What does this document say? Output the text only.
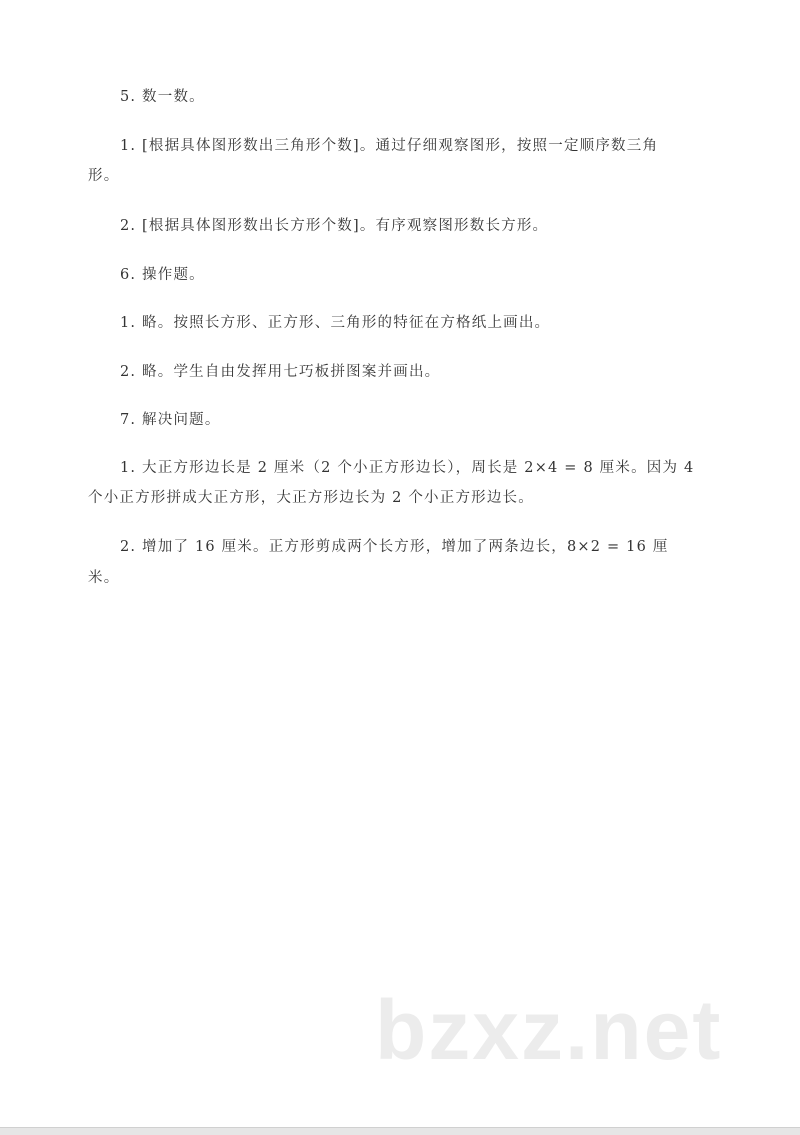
5. 数一数。
1. [根据具体图形数出三角形个数]。通过仔细观察图形，按照一定顺序数三角
形。
2. [根据具体图形数出长方形个数]。有序观察图形数长方形。
6. 操作题。
1. 略。按照长方形、正方形、三角形的特征在方格纸上画出。
2. 略。学生自由发挥用七巧板拼图案并画出。
7. 解决问题。
1. 大正方形边长是 2 厘米（2 个小正方形边长），周长是 2×4 = 8 厘米。因为 4
个小正方形拼成大正方形，大正方形边长为 2 个小正方形边长。
2. 增加了 16 厘米。正方形剪成两个长方形，增加了两条边长，8×2 = 16 厘
米。
bzxz.net
